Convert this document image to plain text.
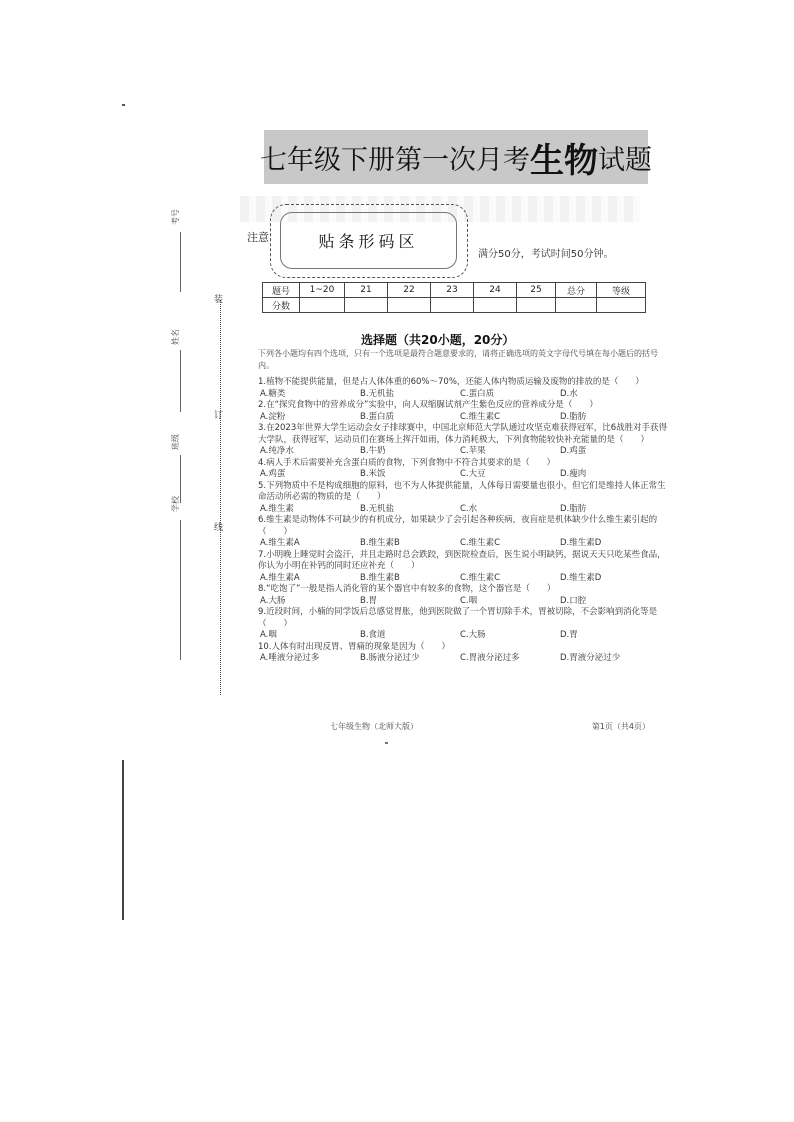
七年级下册第一次月考 生物 试题
注意	贴条形码区
满分50分，考试时间50分钟。
题号	1~20	21	22	23	24	25	总分	等级
分数								
考号
姓名
班级
学校
装
订
线
选择题（共20小题，20分）
下列各小题均有四个选项，只有一个选项是最符合题意要求的，请将正确选项的英文字母代号填在每小题后的括号内。
1.植物不能提供能量，但是占人体体重的60%～70%，还能人体内物质运输及废物的排放的是（　　）
A.糖类	B.无机盐	C.蛋白质	D.水
2.在“探究食物中的营养成分”实验中，向人双缩脲试剂产生紫色反应的营养成分是（　　）
A.淀粉	B.蛋白质	C.维生素C	D.脂肪
3.在2023年世界大学生运动会女子排球赛中，中国北京师范大学队通过攻坚克难获得冠军，比6战胜对手获得大学队，获得冠军，运动员们在赛场上挥汗如雨，体力消耗极大，下列食物能较快补充能量的是（　　）
A.纯净水	B.牛奶	C.苹果	D.鸡蛋
4.病人手术后需要补充含蛋白质的食物，下列食物中不符合其要求的是（　　）
A.鸡蛋	B.米饭	C.大豆	D.瘦肉
5.下列物质中不是构成细胞的原料，也不为人体提供能量，人体每日需要量也很小，但它们是维持人体正常生命活动所必需的物质的是（　　）
A.维生素	B.无机盐	C.水	D.脂肪
6.维生素是动物体不可缺少的有机成分，如果缺少了会引起各种疾病，夜盲症是机体缺少什么维生素引起的（　　）
A.维生素A	B.维生素B	C.维生素C	D.维生素D
7.小明晚上睡觉时会盗汗，并且走路时总会跌跤，到医院检查后，医生说小明缺钙，据说天天只吃某些食品，你认为小明在补钙的同时还应补充（　　）
A.维生素A	B.维生素B	C.维生素C	D.维生素D
8.“吃饱了”一般是指人消化管的某个器官中有较多的食物，这个器官是（　　）
A.大肠	B.胃	C.咽	D.口腔
9.近段时间，小楠的同学饭后总感觉胃胀，他到医院做了一个胃切除手术，胃被切除，不会影响到消化等是（　　）
A.咽	B.食道	C.大肠	D.胃
10.人体有时出现反胃、胃痛的现象是因为（　　）
A.唾液分泌过多	B.肠液分泌过少	C.胃液分泌过多	D.胃液分泌过少
七年级生物（北师大版）	第1页（共4页）
